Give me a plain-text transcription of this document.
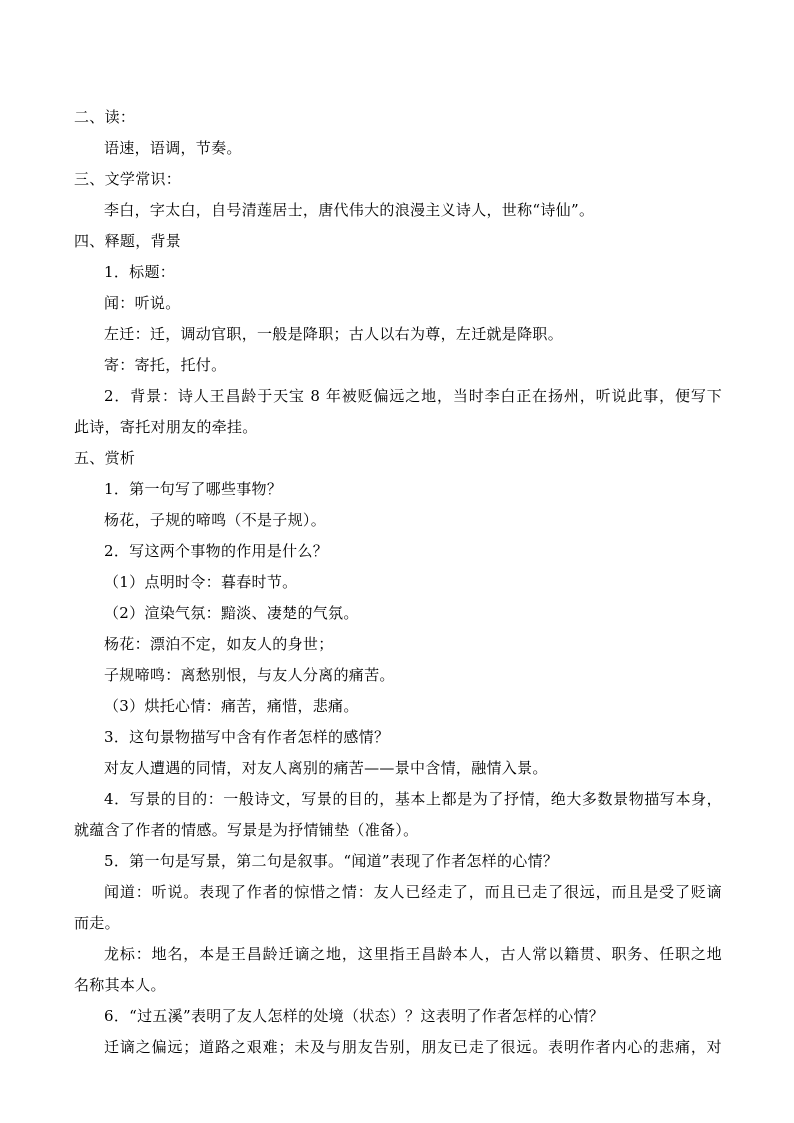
二、读：
语速，语调，节奏。
三、文学常识：
李白，字太白，自号清莲居士，唐代伟大的浪漫主义诗人，世称“诗仙”。
四、释题，背景
1．标题：
闻：听说。
左迁：迁，调动官职，一般是降职；古人以右为尊，左迁就是降职。
寄：寄托，托付。
2．背景：诗人王昌龄于天宝 8 年被贬偏远之地，当时李白正在扬州，听说此事，便写下
此诗，寄托对朋友的牵挂。
五、赏析
1．第一句写了哪些事物？
杨花，子规的啼鸣（不是子规）。
2．写这两个事物的作用是什么？
（1）点明时令：暮春时节。
（2）渲染气氛：黯淡、凄楚的气氛。
杨花：漂泊不定，如友人的身世；
子规啼鸣：离愁别恨，与友人分离的痛苦。
（3）烘托心情：痛苦，痛惜，悲痛。
3．这句景物描写中含有作者怎样的感情？
对友人遭遇的同情，对友人离别的痛苦——景中含情，融情入景。
4．写景的目的：一般诗文，写景的目的，基本上都是为了抒情，绝大多数景物描写本身，
就蕴含了作者的情感。写景是为抒情铺垫（准备）。
5．第一句是写景，第二句是叙事。“闻道”表现了作者怎样的心情？
闻道：听说。表现了作者的惊惜之情：友人已经走了，而且已走了很远，而且是受了贬谪
而走。
龙标：地名，本是王昌龄迁谪之地，这里指王昌龄本人，古人常以籍贯、职务、任职之地
名称其本人。
6．“过五溪”表明了友人怎样的处境（状态）？这表明了作者怎样的心情？
迁谪之偏远；道路之艰难；未及与朋友告别，朋友已走了很远。表明作者内心的悲痛，对
